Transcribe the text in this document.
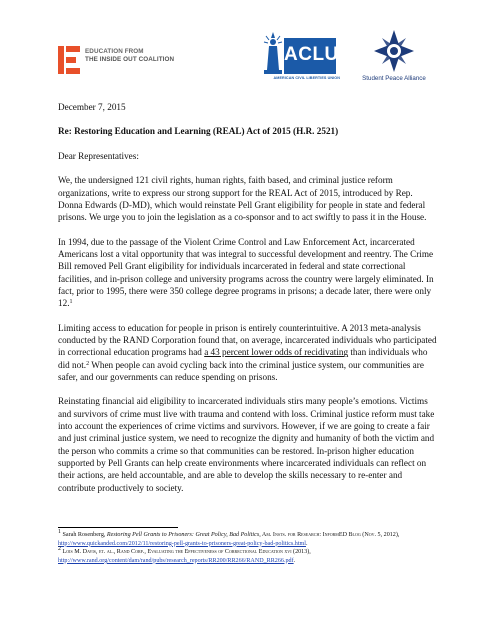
EDUCATION FROM
THE INSIDE OUT COALITION	ACLU
AMERICAN CIVIL LIBERTIES UNION	Student Peace Alliance

December 7, 2015

Re: Restoring Education and Learning (REAL) Act of 2015 (H.R. 2521)

Dear Representatives:

We, the undersigned 121 civil rights, human rights, faith based, and criminal justice reform organizations, write to express our strong support for the REAL Act of 2015, introduced by Rep. Donna Edwards (D-MD), which would reinstate Pell Grant eligibility for people in state and federal prisons. We urge you to join the legislation as a co-sponsor and to act swiftly to pass it in the House.

In 1994, due to the passage of the Violent Crime Control and Law Enforcement Act, incarcerated Americans lost a vital opportunity that was integral to successful development and reentry. The Crime Bill removed Pell Grant eligibility for individuals incarcerated in federal and state correctional facilities, and in-prison college and university programs across the country were largely eliminated. In fact, prior to 1995, there were 350 college degree programs in prisons; a decade later, there were only 12.$^1$

Limiting access to education for people in prison is entirely counterintuitive. A 2013 meta-analysis conducted by the RAND Corporation found that, on average, incarcerated individuals who participated in correctional education programs had a 43 percent lower odds of recidivating than individuals who did not.$^2$ When people can avoid cycling back into the criminal justice system, our communities are safer, and our governments can reduce spending on prisons.

Reinstating financial aid eligibility to incarcerated individuals stirs many people’s emotions. Victims and survivors of crime must live with trauma and contend with loss. Criminal justice reform must take into account the experiences of crime victims and survivors. However, if we are going to create a fair and just criminal justice system, we need to recognize the dignity and humanity of both the victim and the person who commits a crime so that communities can be restored. In-prison higher education supported by Pell Grants can help create environments where incarcerated individuals can reflect on their actions, are held accountable, and are able to develop the skills necessary to re-enter and contribute productively to society.

$^1$ Sarah Rosenberg, Restoring Pell Grants to Prisoners: Great Policy, Bad Politics, Am. Insts. for Research: InformED Blog (Nov. 5, 2012), http://www.quickanded.com/2012/11/restoring-pell-grants-to-prisoners-great-policy-bad-politics.html.

$^2$ Lois M. Davis, et. al., Rand Corp., Evaluating the Effectiveness of Correctional Education xvi (2013), http://www.rand.org/content/dam/rand/pubs/research_reports/RR200/RR266/RAND_RR266.pdf.
